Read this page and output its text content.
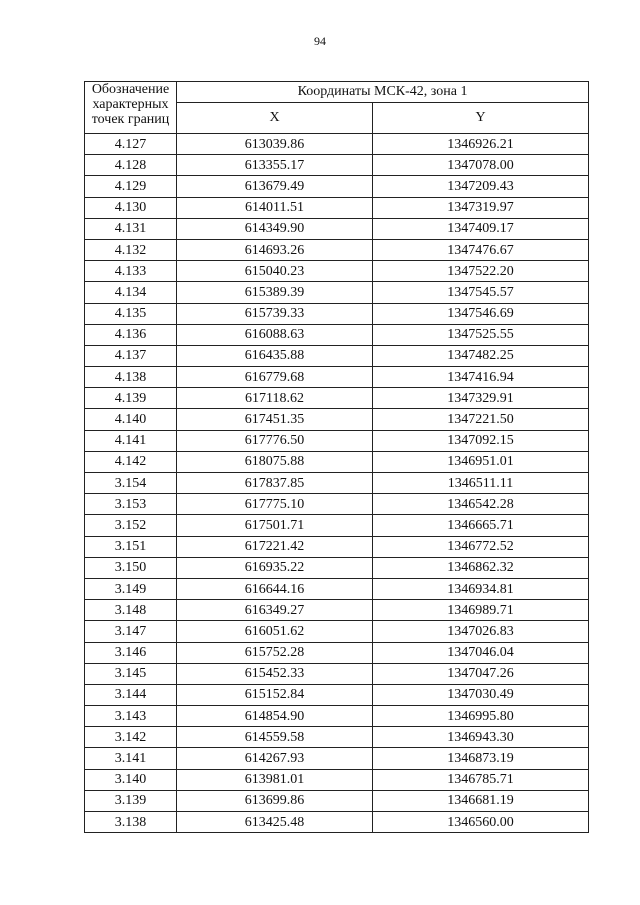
94
Обозначение характерных точек границ	Координаты МСК-42, зона 1	
	X	Y
4.127	613039.86	1346926.21
4.128	613355.17	1347078.00
4.129	613679.49	1347209.43
4.130	614011.51	1347319.97
4.131	614349.90	1347409.17
4.132	614693.26	1347476.67
4.133	615040.23	1347522.20
4.134	615389.39	1347545.57
4.135	615739.33	1347546.69
4.136	616088.63	1347525.55
4.137	616435.88	1347482.25
4.138	616779.68	1347416.94
4.139	617118.62	1347329.91
4.140	617451.35	1347221.50
4.141	617776.50	1347092.15
4.142	618075.88	1346951.01
3.154	617837.85	1346511.11
3.153	617775.10	1346542.28
3.152	617501.71	1346665.71
3.151	617221.42	1346772.52
3.150	616935.22	1346862.32
3.149	616644.16	1346934.81
3.148	616349.27	1346989.71
3.147	616051.62	1347026.83
3.146	615752.28	1347046.04
3.145	615452.33	1347047.26
3.144	615152.84	1347030.49
3.143	614854.90	1346995.80
3.142	614559.58	1346943.30
3.141	614267.93	1346873.19
3.140	613981.01	1346785.71
3.139	613699.86	1346681.19
3.138	613425.48	1346560.00
